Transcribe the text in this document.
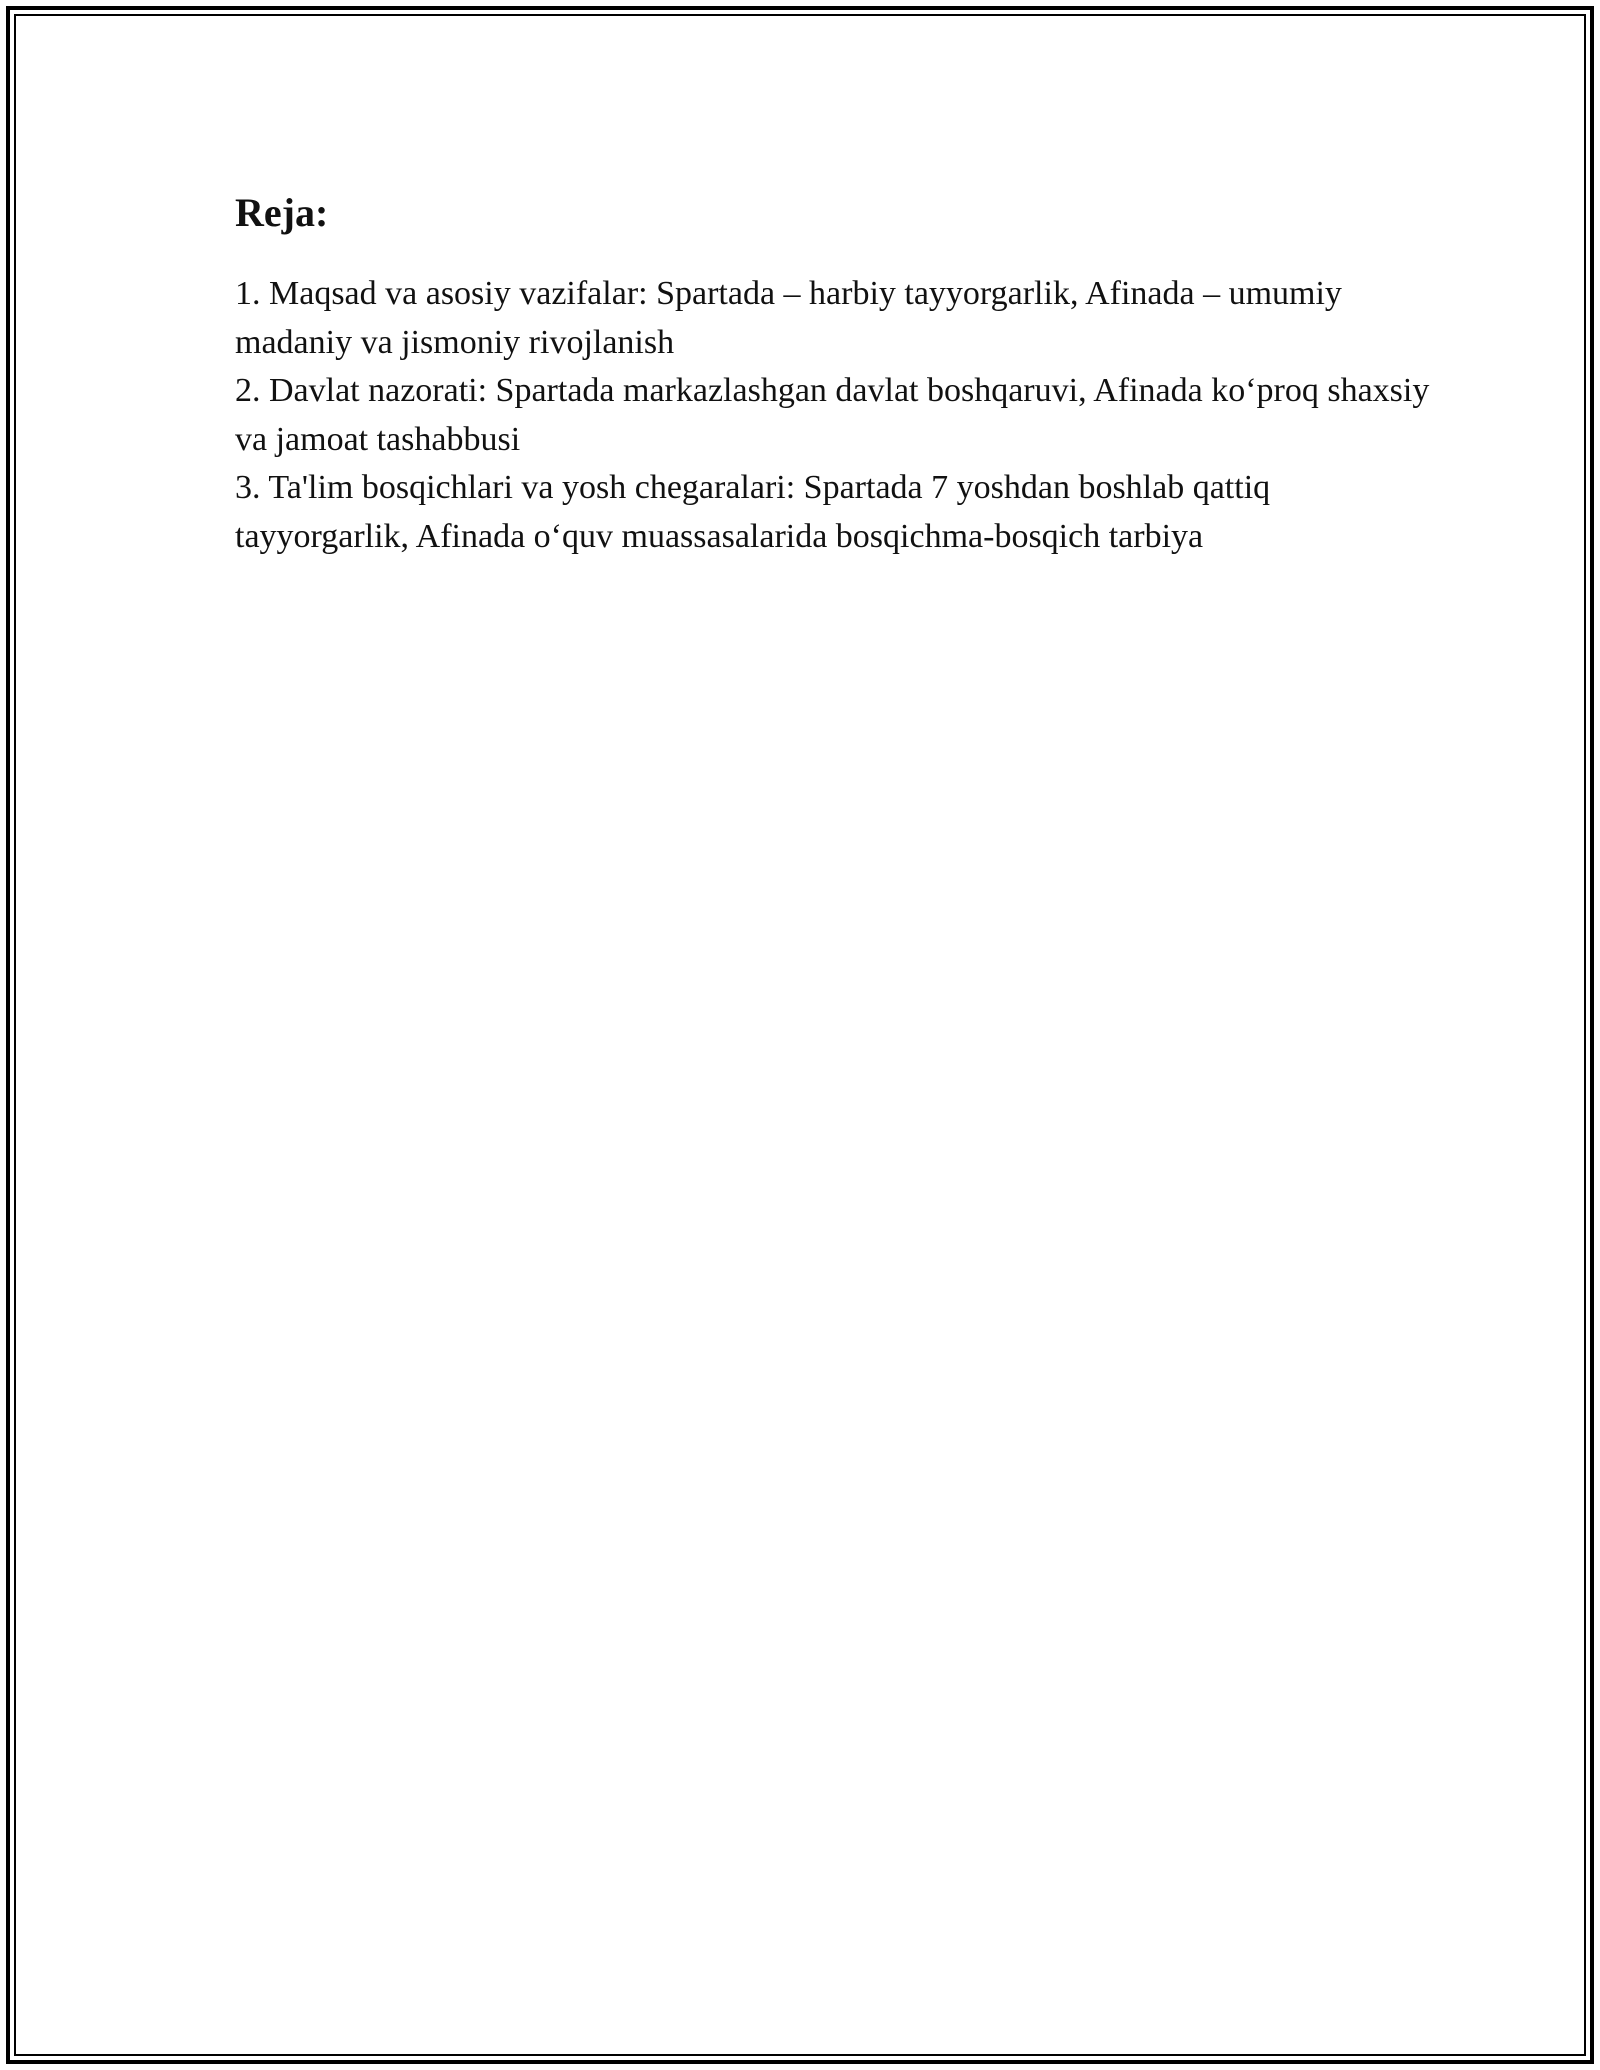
Reja:

1. Maqsad va asosiy vazifalar: Spartada – harbiy tayyorgarlik, Afinada – umumiy madaniy va jismoniy rivojlanish

2. Davlat nazorati: Spartada markazlashgan davlat boshqaruvi, Afinada ko‘proq shaxsiy va jamoat tashabbusi

3. Ta'lim bosqichlari va yosh chegaralari: Spartada 7 yoshdan boshlab qattiq tayyorgarlik, Afinada o‘quv muassasalarida bosqichma-bosqich tarbiya
